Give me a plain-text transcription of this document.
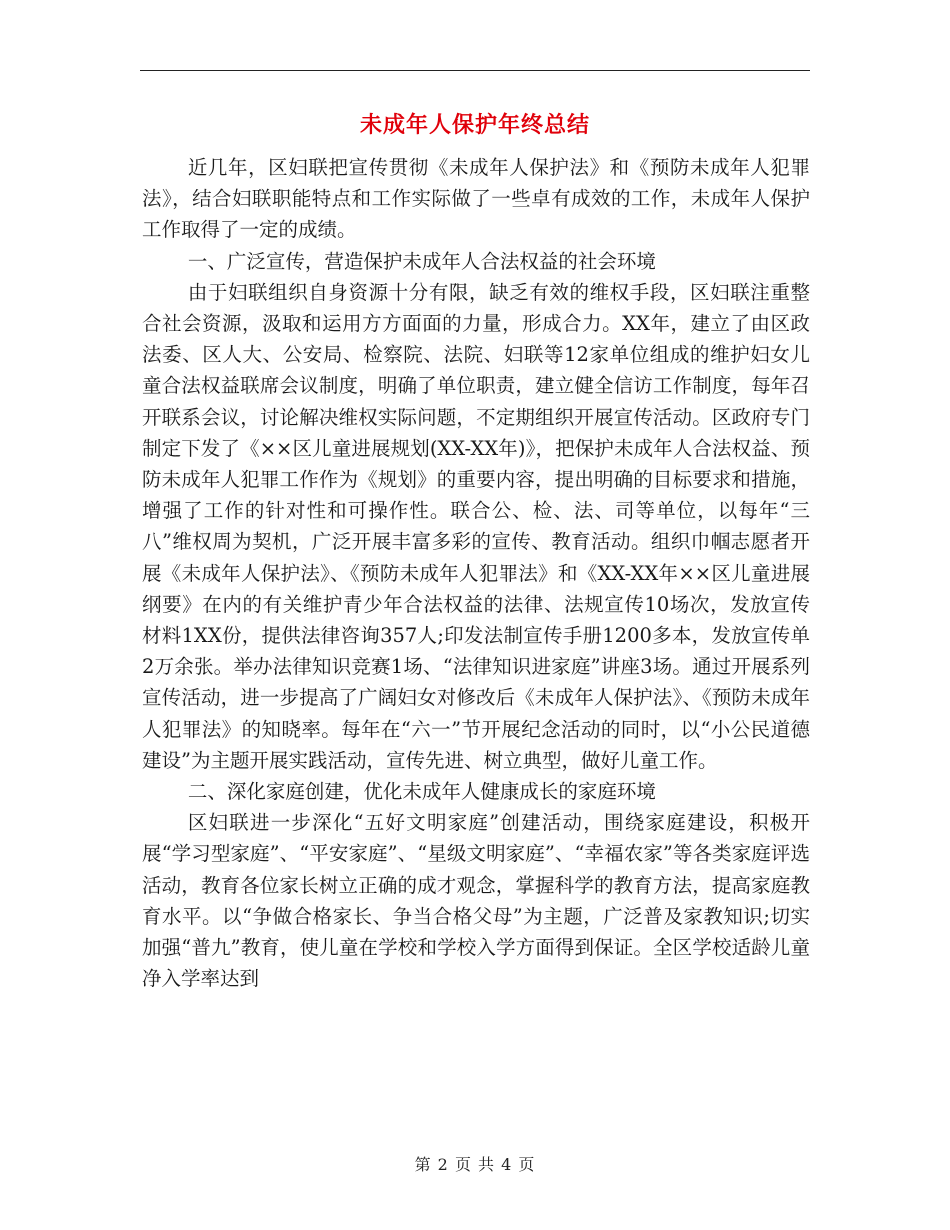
未成年人保护年终总结

近几年，区妇联把宣传贯彻《未成年人保护法》和《预防未成年人犯罪法》，结合妇联职能特点和工作实际做了一些卓有成效的工作，未成年人保护工作取得了一定的成绩。

一、广泛宣传，营造保护未成年人合法权益的社会环境

由于妇联组织自身资源十分有限，缺乏有效的维权手段，区妇联注重整合社会资源，汲取和运用方方面面的力量，形成合力。XX年，建立了由区政法委、区人大、公安局、检察院、法院、妇联等12家单位组成的维护妇女儿童合法权益联席会议制度，明确了单位职责，建立健全信访工作制度，每年召开联系会议，讨论解决维权实际问题，不定期组织开展宣传活动。区政府专门制定下发了《××区儿童进展规划(XX-XX年)》，把保护未成年人合法权益、预防未成年人犯罪工作作为《规划》的重要内容，提出明确的目标要求和措施，增强了工作的针对性和可操作性。联合公、检、法、司等单位，以每年“三八”维权周为契机，广泛开展丰富多彩的宣传、教育活动。组织巾帼志愿者开展《未成年人保护法》、《预防未成年人犯罪法》和《XX-XX年××区儿童进展纲要》在内的有关维护青少年合法权益的法律、法规宣传10场次，发放宣传材料1XX份，提供法律咨询357人;印发法制宣传手册1200多本，发放宣传单2万余张。举办法律知识竞赛1场、“法律知识进家庭”讲座3场。通过开展系列宣传活动，进一步提高了广阔妇女对修改后《未成年人保护法》、《预防未成年人犯罪法》的知晓率。每年在“六一”节开展纪念活动的同时，以“小公民道德建设”为主题开展实践活动，宣传先进、树立典型，做好儿童工作。

二、深化家庭创建，优化未成年人健康成长的家庭环境

区妇联进一步深化“五好文明家庭”创建活动，围绕家庭建设，积极开展“学习型家庭”、“平安家庭”、“星级文明家庭”、“幸福农家”等各类家庭评选活动，教育各位家长树立正确的成才观念，掌握科学的教育方法，提高家庭教育水平。以“争做合格家长、争当合格父母”为主题，广泛普及家教知识;切实加强“普九”教育，使儿童在学校和学校入学方面得到保证。全区学校适龄儿童净入学率达到

第 2 页 共 4 页
